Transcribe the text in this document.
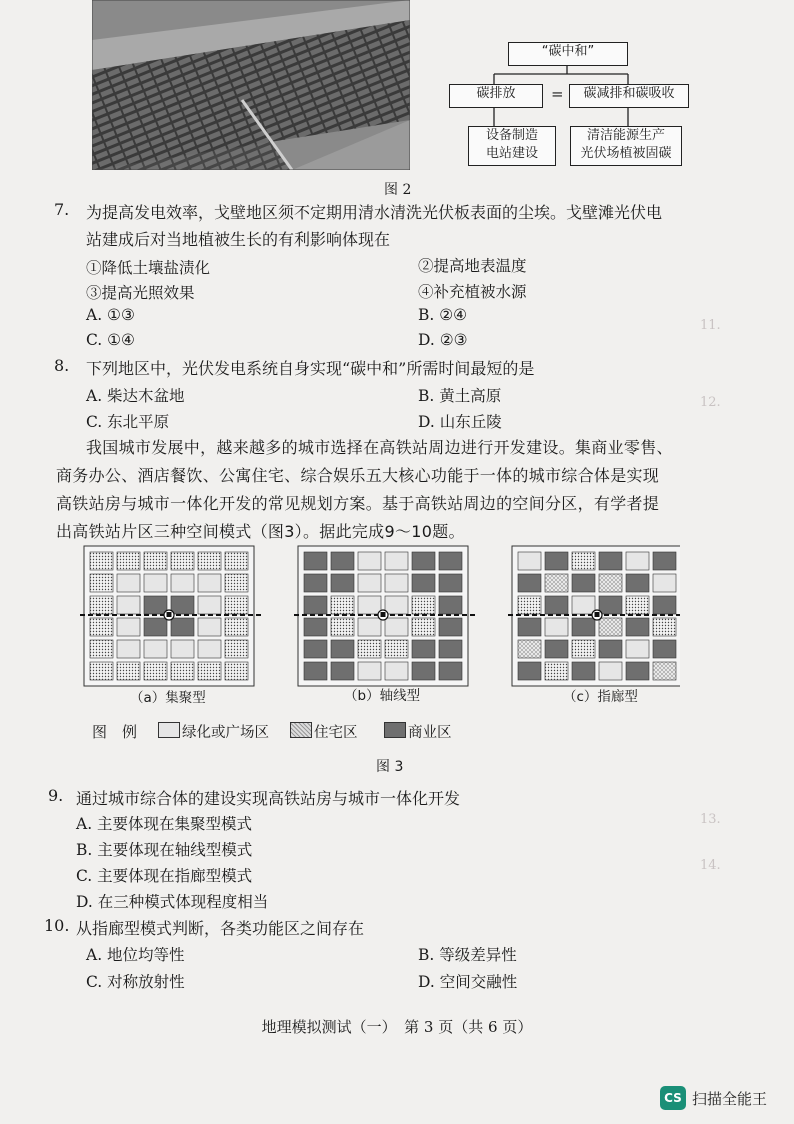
11.
12.
13.
14.
“碳中和”
碳排放	=	碳减排和碳吸收
设备制造
电站建设
清洁能源生产
光伏场植被固碳
图 2
7. 为提高发电效率，戈壁地区须不定期用清水清洗光伏板表面的尘埃。戈壁滩光伏电
站建成后对当地植被生长的有利影响体现在
①降低土壤盐渍化	②提高地表温度
③提高光照效果	④补充植被水源
A. ①③	B. ②④
C. ①④	D. ②③
8. 下列地区中，光伏发电系统自身实现“碳中和”所需时间最短的是
A. 柴达木盆地	B. 黄土高原
C. 东北平原	D. 山东丘陵
我国城市发展中，越来越多的城市选择在高铁站周边进行开发建设。集商业零售、
商务办公、酒店餐饮、公寓住宅、综合娱乐五大核心功能于一体的城市综合体是实现
高铁站房与城市一体化开发的常见规划方案。基于高铁站周边的空间分区，有学者提
出高铁站片区三种空间模式（图3）。据此完成9～10题。
（a）集聚型	（b）轴线型	（c）指廊型
图　例	绿化或广场区	住宅区	商业区
图 3
9. 通过城市综合体的建设实现高铁站房与城市一体化开发
A. 主要体现在集聚型模式
B. 主要体现在轴线型模式
C. 主要体现在指廊型模式
D. 在三种模式体现程度相当
10. 从指廊型模式判断，各类功能区之间存在
A. 地位均等性	B. 等级差异性
C. 对称放射性	D. 空间交融性
地理模拟测试（一）　第 3 页（共 6 页）
CS 扫描全能王
